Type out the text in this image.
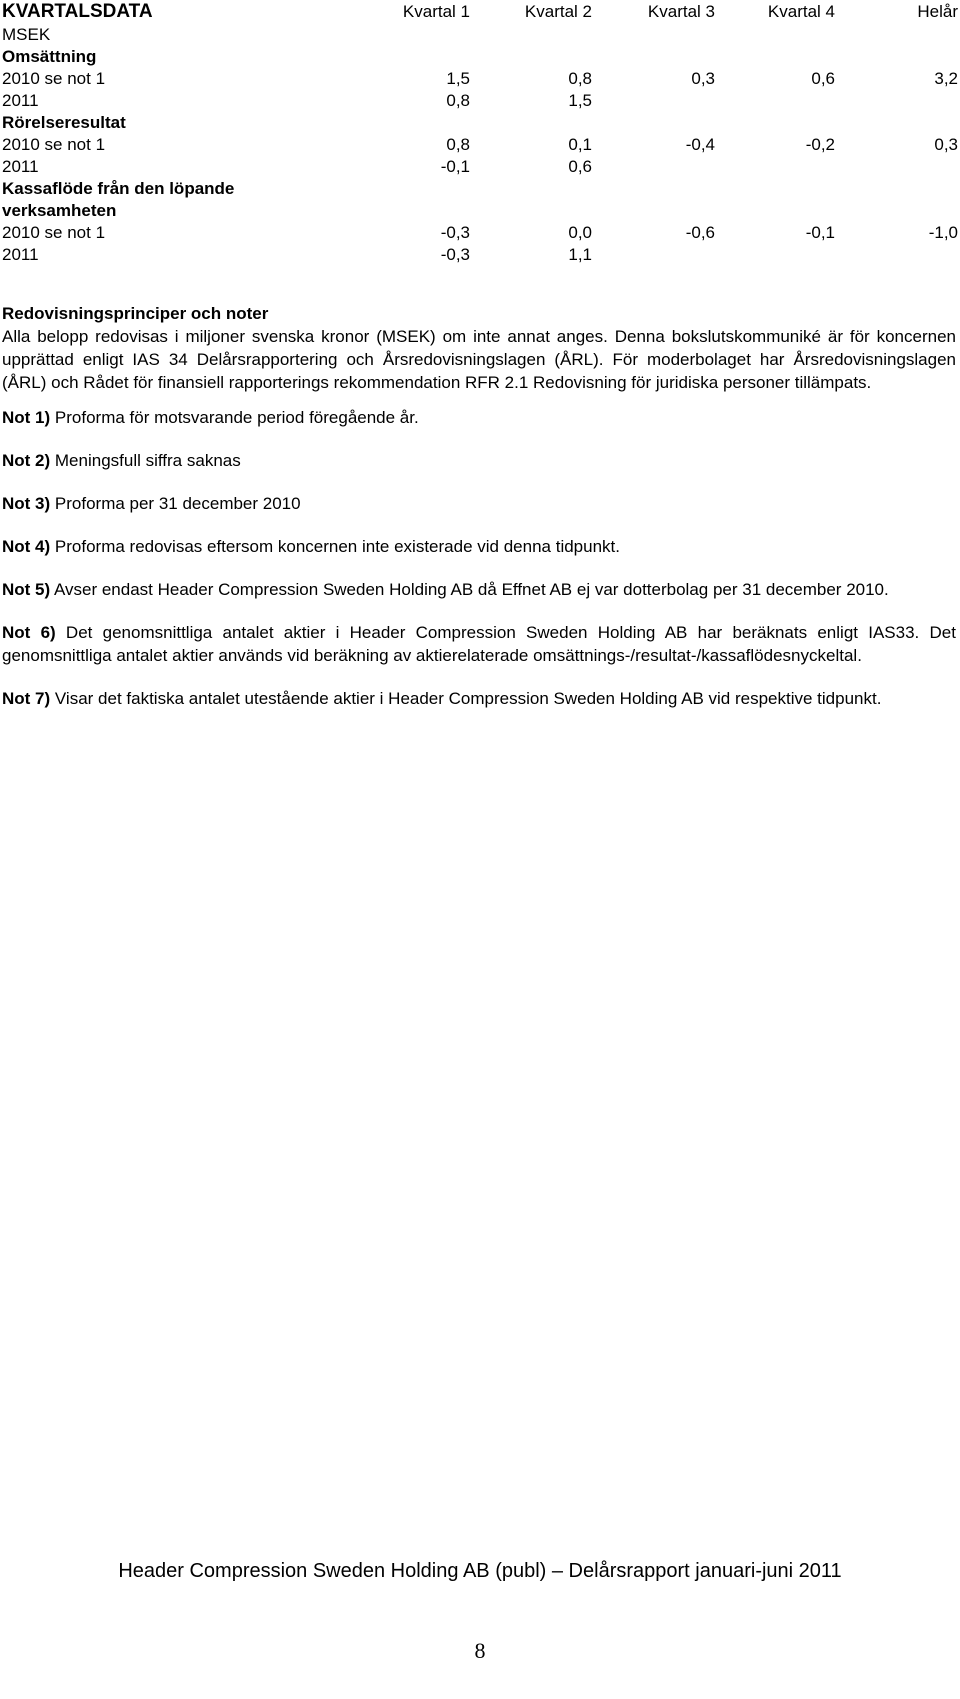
KVARTALSDATA	Kvartal 1	Kvartal 2	Kvartal 3	Kvartal 4	Helår
MSEK
Omsättning
2010 se not 1	1,5	0,8	0,3	0,6	3,2
2011	0,8	1,5
Rörelseresultat
2010 se not 1	0,8	0,1	-0,4	-0,2	0,3
2011	-0,1	0,6
Kassaflöde från den löpande
verksamheten
2010 se not 1	-0,3	0,0	-0,6	-0,1	-1,0
2011	-0,3	1,1

Redovisningsprinciper och noter

Alla belopp redovisas i miljoner svenska kronor (MSEK) om inte annat anges. Denna bokslutskommuniké är för koncernen upprättad enligt IAS 34 Delårsrapportering och Årsredovisningslagen (ÅRL). För moderbolaget har Årsredovisningslagen (ÅRL) och Rådet för finansiell rapporterings rekommendation RFR 2.1 Redovisning för juridiska personer tillämpats.

Not 1) Proforma för motsvarande period föregående år.

Not 2) Meningsfull siffra saknas

Not 3) Proforma per 31 december 2010

Not 4) Proforma redovisas eftersom koncernen inte existerade vid denna tidpunkt.

Not 5) Avser endast Header Compression Sweden Holding AB då Effnet AB ej var dotterbolag per 31 december 2010.

Not 6) Det genomsnittliga antalet aktier i Header Compression Sweden Holding AB har beräknats enligt IAS33. Det genomsnittliga antalet aktier används vid beräkning av aktierelaterade omsättnings-/resultat-/kassaflödesnyckeltal.

Not 7) Visar det faktiska antalet utestående aktier i Header Compression Sweden Holding AB vid respektive tidpunkt.

Header Compression Sweden Holding AB (publ) – Delårsrapport januari-juni 2011
8
